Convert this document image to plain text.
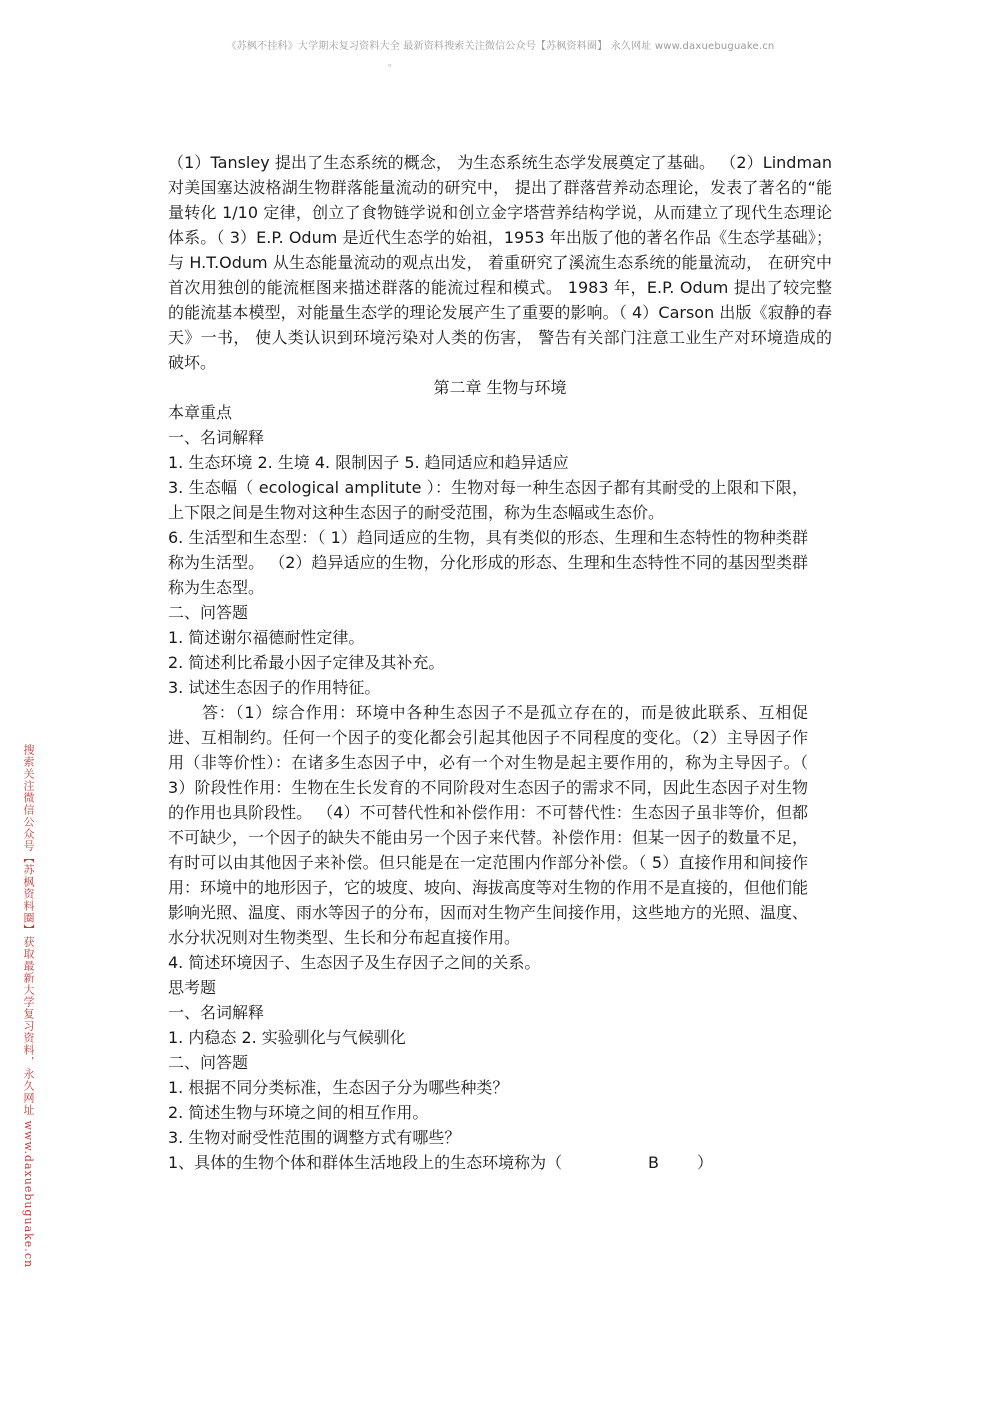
《苏枫不挂科》大学期末复习资料大全 最新资料搜索关注微信公众号【苏枫资料圈】 永久网址 www.daxuebuguake.cn
。
搜索关注微信公众号【苏枫资料圈】获取最新大学复习资料，永久网址 www.daxuebuguake.cn

（1）Tansley 提出了生态系统的概念， 为生态系统生态学发展奠定了基础。 （2）Lindman 对美国塞达波格湖生物群落能量流动的研究中， 提出了群落营养动态理论，发表了著名的“能量转化 1/10 定律，创立了食物链学说和创立金字塔营养结构学说，从而建立了现代生态理论体系。（ 3）E.P. Odum 是近代生态学的始祖，1953 年出版了他的著名作品《生态学基础》；与 H.T.Odum 从生态能量流动的观点出发， 着重研究了溪流生态系统的能量流动， 在研究中首次用独创的能流框图来描述群落的能流过程和模式。 1983 年，E.P. Odum 提出了较完整的能流基本模型，对能量生态学的理论发展产生了重要的影响。（ 4）Carson 出版《寂静的春天》一书， 使人类认识到环境污染对人类的伤害， 警告有关部门注意工业生产对环境造成的破坏。

第二章 生物与环境

本章重点

一、名词解释

1. 生态环境 2. 生境 4. 限制因子 5. 趋同适应和趋异适应

3. 生态幅（ ecological amplitute ）：生物对每一种生态因子都有其耐受的上限和下限，上下限之间是生物对这种生态因子的耐受范围，称为生态幅或生态价。

6. 生活型和生态型：（ 1）趋同适应的生物，具有类似的形态、生理和生态特性的物种类群称为生活型。 （2）趋异适应的生物，分化形成的形态、生理和生态特性不同的基因型类群称为生态型。

二、问答题

1. 简述谢尔福德耐性定律。

2. 简述利比希最小因子定律及其补充。

3. 试述生态因子的作用特征。

答：（1）综合作用：环境中各种生态因子不是孤立存在的，而是彼此联系、互相促进、互相制约。任何一个因子的变化都会引起其他因子不同程度的变化。（2）主导因子作用（非等价性）：在诸多生态因子中，必有一个对生物是起主要作用的，称为主导因子。（ 3）阶段性作用：生物在生长发育的不同阶段对生态因子的需求不同，因此生态因子对生物的作用也具阶段性。 （4）不可替代性和补偿作用：不可替代性：生态因子虽非等价，但都不可缺少，一个因子的缺失不能由另一个因子来代替。补偿作用：但某一因子的数量不足，有时可以由其他因子来补偿。但只能是在一定范围内作部分补偿。（ 5）直接作用和间接作用：环境中的地形因子，它的坡度、坡向、海拔高度等对生物的作用不是直接的，但他们能影响光照、温度、雨水等因子的分布，因而对生物产生间接作用，这些地方的光照、温度、水分状况则对生物类型、生长和分布起直接作用。

4. 简述环境因子、生态因子及生存因子之间的关系。

思考题

一、名词解释

1. 内稳态 2. 实验驯化与气候驯化

二、问答题

1. 根据不同分类标准，生态因子分为哪些种类？

2. 简述生物与环境之间的相互作用。

3. 生物对耐受性范围的调整方式有哪些？

1、具体的生物个体和群体生活地段上的生态环境称为（	B ）
